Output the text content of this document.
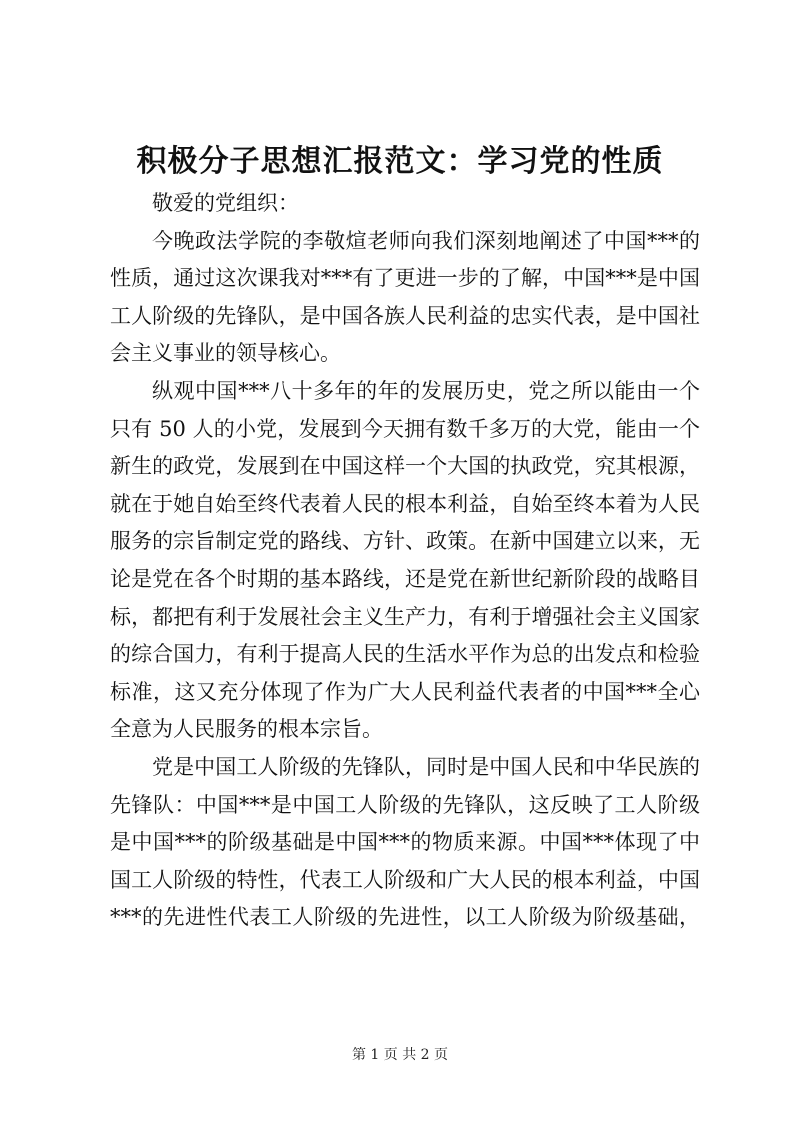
积极分子思想汇报范文：学习党的性质

敬爱的党组织：

今晚政法学院的李敬煊老师向我们深刻地阐述了中国***的
性质，通过这次课我对***有了更进一步的了解，中国***是中国
工人阶级的先锋队，是中国各族人民利益的忠实代表，是中国社
会主义事业的领导核心。

纵观中国***八十多年的年的发展历史，党之所以能由一个
只有 50 人的小党，发展到今天拥有数千多万的大党，能由一个
新生的政党，发展到在中国这样一个大国的执政党，究其根源，
就在于她自始至终代表着人民的根本利益，自始至终本着为人民
服务的宗旨制定党的路线、方针、政策。在新中国建立以来，无
论是党在各个时期的基本路线，还是党在新世纪新阶段的战略目
标，都把有利于发展社会主义生产力，有利于增强社会主义国家
的综合国力，有利于提高人民的生活水平作为总的出发点和检验
标准，这又充分体现了作为广大人民利益代表者的中国***全心
全意为人民服务的根本宗旨。

党是中国工人阶级的先锋队，同时是中国人民和中华民族的
先锋队：中国***是中国工人阶级的先锋队，这反映了工人阶级
是中国***的阶级基础是中国***的物质来源。中国***体现了中
国工人阶级的特性，代表工人阶级和广大人民的根本利益，中国
***的先进性代表工人阶级的先进性，以工人阶级为阶级基础，

第 1 页 共 2 页
